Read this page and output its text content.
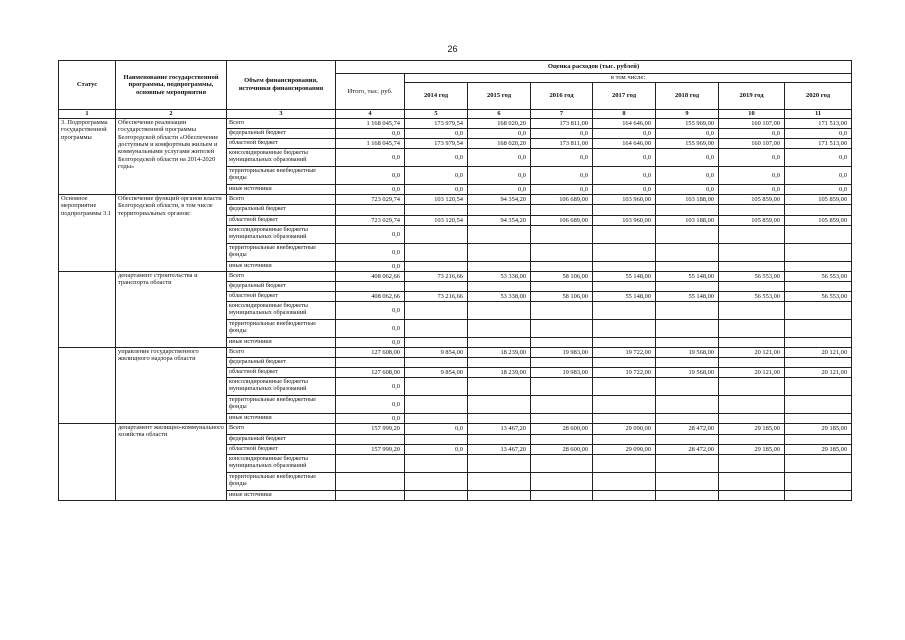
26
Статус	Наименование государственной программы, подпрограммы, основные мероприятия	Объем финансирования, источники финансирования	Оценка расходов (тыс. рублей)							
			Итого, тыс. руб.	в том числе:						
				2014 год	2015 год	2016 год	2017 год	2018 год	2019 год	2020 год
1	2	3	4	5	6	7	8	9	10	11
3. Подпрограмма государственной программы	Обеспечение реализации государственной программы Белгородской области «Обеспечение доступным и комфортным жильем и коммунальными услугами жителей Белгородской области на 2014-2020 годы»	Всего	1 168 045,74	173 979,54	168 020,20	173 811,00	164 646,00	155 969,00	160 107,00	171 513,00
		федеральный бюджет	0,0	0,0	0,0	0,0	0,0	0,0	0,0	0,0
		областной бюджет	1 168 045,74	173 979,54	168 020,20	173 811,00	164 646,00	155 969,00	160 107,00	171 513,00
		консолидированные бюджеты муниципальных образований	0,0	0,0	0,0	0,0	0,0	0,0	0,0	0,0
		территориальные внебюджетные фонды	0,0	0,0	0,0	0,0	0,0	0,0	0,0	0,0
		иные источники	0,0	0,0	0,0	0,0	0,0	0,0	0,0	0,0
Основное мероприятие подпрограммы 3.1	Обеспечение функций органов власти Белгородской области, в том числе территориальных органов:	Всего	723 029,74	103 120,54	94 354,20	106 689,00	103 960,00	103 188,00	105 859,00	105 859,00
		федеральный бюджет								
		областной бюджет	723 029,74	103 120,54	94 354,20	106 689,00	103 960,00	103 188,00	105 859,00	105 859,00
		консолидированные бюджеты муниципальных образований	0,0							
		территориальные внебюджетные фонды	0,0							
		иные источники	0,0							
	департамент строительства и транспорта области	Всего	408 062,66	73 216,66	53 338,00	58 106,00	55 148,00	55 148,00	56 553,00	56 553,00
		федеральный бюджет								
		областной бюджет	408 062,66	73 216,66	53 338,00	58 106,00	55 148,00	55 148,00	56 553,00	56 553,00
		консолидированные бюджеты муниципальных образований	0,0							
		территориальные внебюджетные фонды	0,0							
		иные источники	0,0							
	управление государственного жилищного надзора области	Всего	127 608,00	9 854,00	18 239,00	19 983,00	19 722,00	19 568,00	20 121,00	20 121,00
		федеральный бюджет								
		областной бюджет	127 608,00	9 854,00	18 239,00	19 983,00	19 722,00	19 568,00	20 121,00	20 121,00
		консолидированные бюджеты муниципальных образований	0,0							
		территориальные внебюджетные фонды	0,0							
		иные источники	0,0							
	департамент жилищно-коммунального хозяйства области	Всего	157 999,20	0,0	13 467,20	28 600,00	29 090,00	28 472,00	29 185,00	29 185,00
		федеральный бюджет								
		областной бюджет	157 999,20	0,0	13 467,20	28 600,00	29 090,00	28 472,00	29 185,00	29 185,00
		консолидированные бюджеты муниципальных образований								
		территориальные внебюджетные фонды								
		иные источники								
